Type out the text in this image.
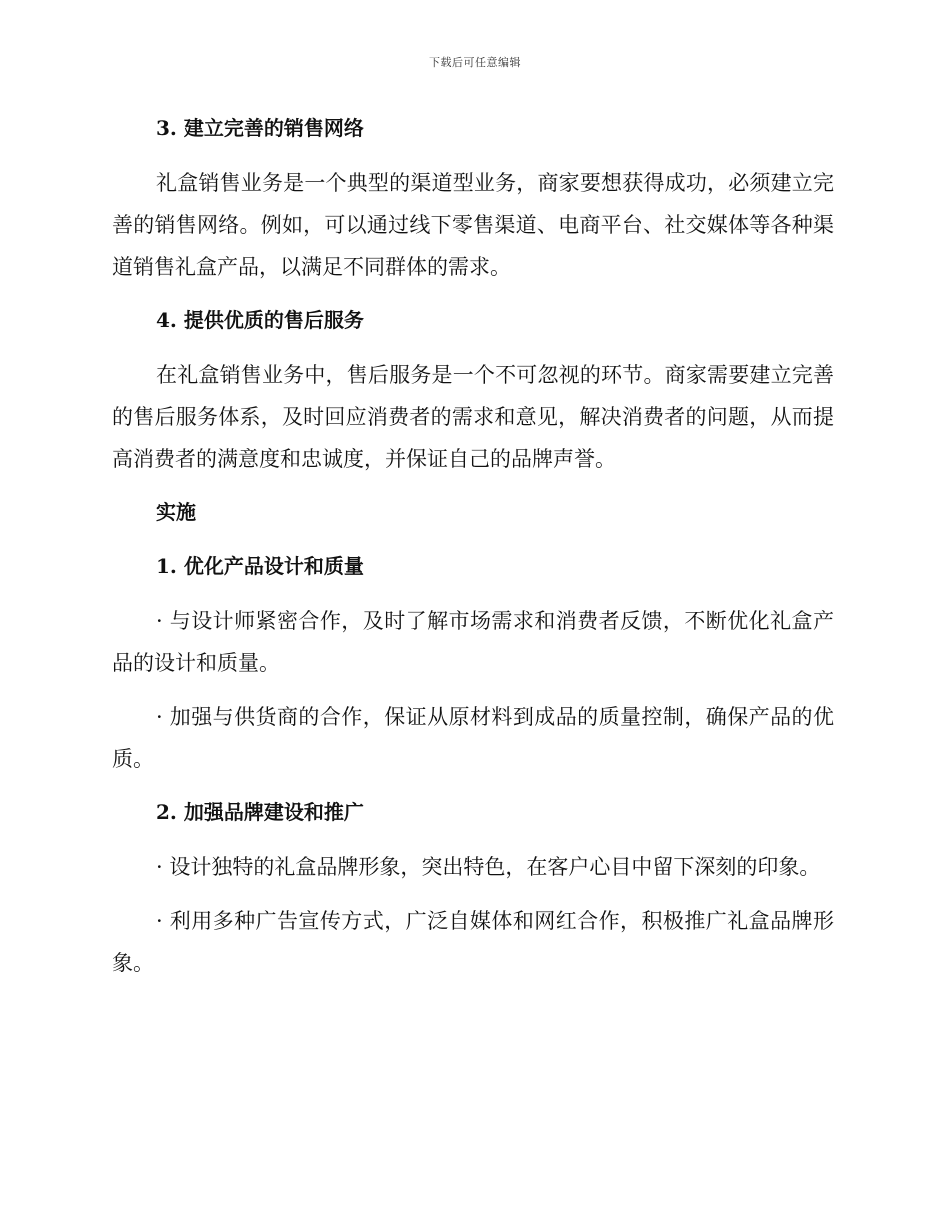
下载后可任意编辑
3. 建立完善的销售网络

礼盒销售业务是一个典型的渠道型业务，商家要想获得成功，必须建立完善的销售网络。例如，可以通过线下零售渠道、电商平台、社交媒体等各种渠道销售礼盒产品，以满足不同群体的需求。

4. 提供优质的售后服务

在礼盒销售业务中，售后服务是一个不可忽视的环节。商家需要建立完善的售后服务体系，及时回应消费者的需求和意见，解决消费者的问题，从而提高消费者的满意度和忠诚度，并保证自己的品牌声誉。

实施
1. 优化产品设计和质量

· 与设计师紧密合作，及时了解市场需求和消费者反馈，不断优化礼盒产品的设计和质量。

· 加强与供货商的合作，保证从原材料到成品的质量控制，确保产品的优质。

2. 加强品牌建设和推广

· 设计独特的礼盒品牌形象，突出特色，在客户心目中留下深刻的印象。

· 利用多种广告宣传方式，广泛自媒体和网红合作，积极推广礼盒品牌形象。
